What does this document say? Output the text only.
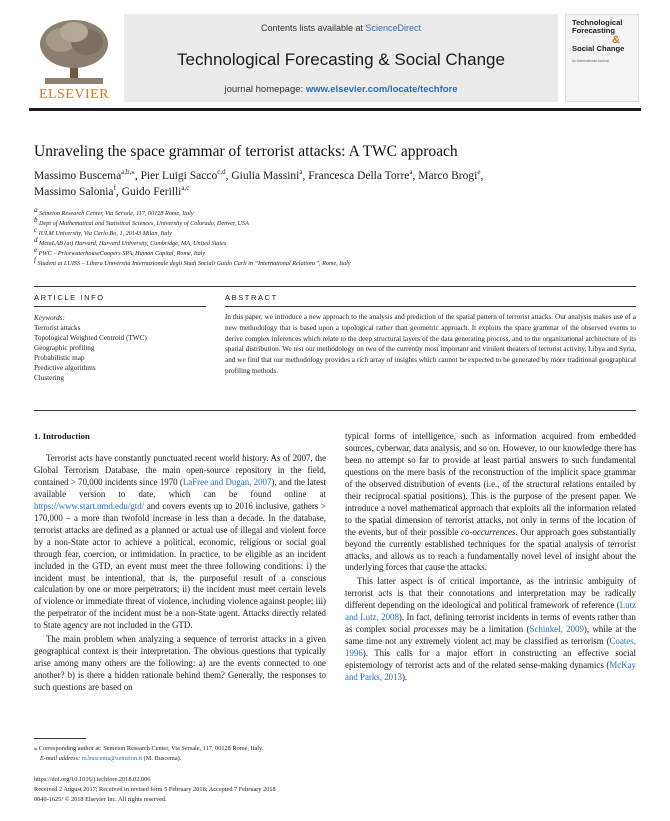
ELSEVIER
Contents lists available at ScienceDirect
Technological Forecasting & Social Change
journal homepage: www.elsevier.com/locate/techfore
Technological
Forecasting
&
Social Change
An International Journal
Unraveling the space grammar of terrorist attacks: A TWC approach
Massimo Buscema$^{a,b,⁎}$, Pier Luigi Sacco$^{c,d}$, Giulia Massini$^a$, Francesca Della Torre$^a$, Marco Brogi$^e$,
Massimo Salonia$^f$, Guido Ferilli$^{a,c}$
$^a$ Semeion Research Center, Via Sersale, 117, 00128 Rome, Italy
$^b$ Dept of Mathematical and Statistical Sciences, University of Colorado, Denver, USA
$^c$ IULM University, Via Carlo Bo, 1, 20143 Milan, Italy
$^d$ MetaLAB (at) Harvard, Harvard University, Cambridge, MA, United States
$^e$ PWC – PricewaterhouseCoopers SPA, Human Capital, Rome, Italy
$^f$ Student at LUISS – Libera Università Internazionale degli Studi Sociali Guido Carli in “International Relations”, Rome, Italy
ARTICLE INFO	ABSTRACT
Keywords:
Terrorist attacks
Topological Weighted Centroid (TWC)
Geographic profiling
Probabilistic map
Predictive algorithms
Clustering
In this paper, we introduce a new approach to the analysis and prediction of the spatial pattern of terrorist attacks. Our analysis makes use of a new methodology that is based upon a topological rather than geometric approach. It exploits the space grammar of the observed events to derive complex inferences which relate to the deep structural layers of the data generating process, and to the organizational architecture of its spatial distribution. We test our methodology on two of the currently most important and virulent theaters of terrorist activity, Libya and Syria, and we find that our methodology provides a rich array of insights which cannot be expected to be generated by more traditional geographical profiling methods.
1. Introduction

Terrorist acts have constantly punctuated recent world history. As of 2007, the Global Terrorism Database, the main open-source repository in the field, contained > 70,000 incidents since 1970 (LaFree and Dugan, 2007), and the latest available version to date, which can be found online at https://www.start.umd.edu/gtd/ and covers events up to 2016 inclusive, gathers > 170,000 – a more than twofold increase in less than a decade. In the database, terrorist attacks are defined as a planned or actual use of illegal and violent force by a non-State actor to achieve a political, economic, religious or social goal through fear, coercion, or intimidation. In practice, to be eligible as an incident included in the GTD, an event must meet the three following conditions: i) the incident must be intentional, that is, the purposeful result of a conscious calculation by one or more perpetrators; ii) the incident must meet certain levels of violence or immediate threat of violence, including violence against people; iii) the perpetrator of the incident must be a non-State agent. Attacks directly related to State agency are not included in the GTD.

The main problem when analyzing a sequence of terrorist attacks in a given geographical context is their interpretation. The obvious questions that typically arise among many others are the following: a) are the events connected to one another? b) is there a hidden rationale behind them? Generally, the responses to such questions are based on

typical forms of intelligence, such as information acquired from embedded sources, cyberwar, data analysis, and so on. However, to our knowledge there has been no attempt so far to provide at least partial answers to such fundamental questions on the mere basis of the reconstruction of the implicit space grammar of the observed distribution of events (i.e., of the structural relations entailed by their reciprocal spatial positions). This is the purpose of the present paper. We introduce a novel mathematical approach that exploits all the information related to the spatial dimension of terrorist attacks, not only in terms of the location of the events, but of their possible co-occurrences. Our approach goes substantially beyond the currently established techniques for the spatial analysis of terrorist attacks, and allows us to reach a fundamentally novel level of insight about the underlying forces that cause the attacks.

This latter aspect is of critical importance, as the intrinsic ambiguity of terrorist acts is that their connotations and interpretation may be radically different depending on the ideological and political framework of reference (Lutz and Lutz, 2008). In fact, defining terrorist incidents in terms of events rather than as complex social processes may be a limitation (Schinkel, 2009), while at the same time not any extremely violent act may be classified as terrorism (Coates, 1996). This calls for a major effort in constructing an effective social epistemology of terrorist acts and of the related sense-making dynamics (McKay and Parks, 2013).

⁎ Corresponding author at: Semeion Research Center, Via Sersale, 117, 00128 Rome, Italy.
E-mail address: m.buscema@semeion.it (M. Buscema).
https://doi.org/10.1016/j.techfore.2018.02.006
Received 2 August 2017; Received in revised form 5 February 2018; Accepted 7 February 2018
0040-1625/ © 2018 Elsevier Inc. All rights reserved.
